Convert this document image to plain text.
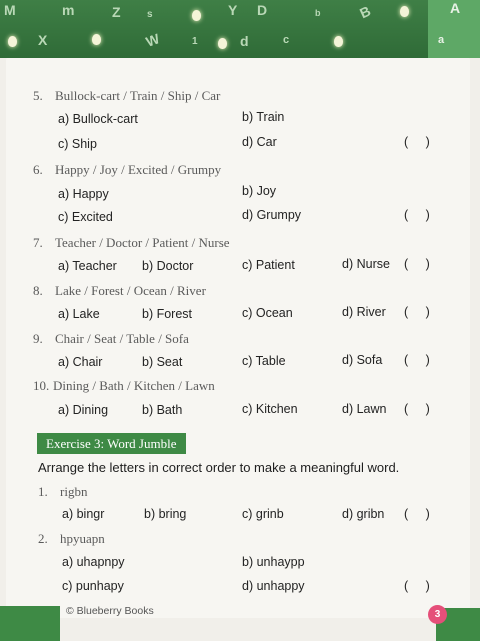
M	m	Z	s	Y D	b	B	A
X	W	1	d	c	a
5. Bullock-cart / Train / Ship / Car
a) Bullock-cart	b) Train
c) Ship	d) Car	( )
6. Happy / Joy / Excited / Grumpy
a) Happy	b) Joy
c) Excited	d) Grumpy	( )
7. Teacher / Doctor / Patient / Nurse
a) Teacher b) Doctor	c) Patient	d) Nurse ( )
8. Lake / Forest / Ocean / River
a) Lake	b) Forest	c) Ocean	d) River ( )
9. Chair / Seat / Table / Sofa
a) Chair	b) Seat	c) Table	d) Sofa ( )
10. Dining / Bath / Kitchen / Lawn
a) Dining	b) Bath	c) Kitchen	d) Lawn ( )
Exercise 3: Word Jumble
Arrange the letters in correct order to make a meaningful word.
1. rigbn
a) bingr	b) bring	c) grinb	d) gribn ( )
2. hpyuapn
a) uhapnpy	b) unhaypp
c) punhapy	d) unhappy	( )
© Blueberry Books	3
